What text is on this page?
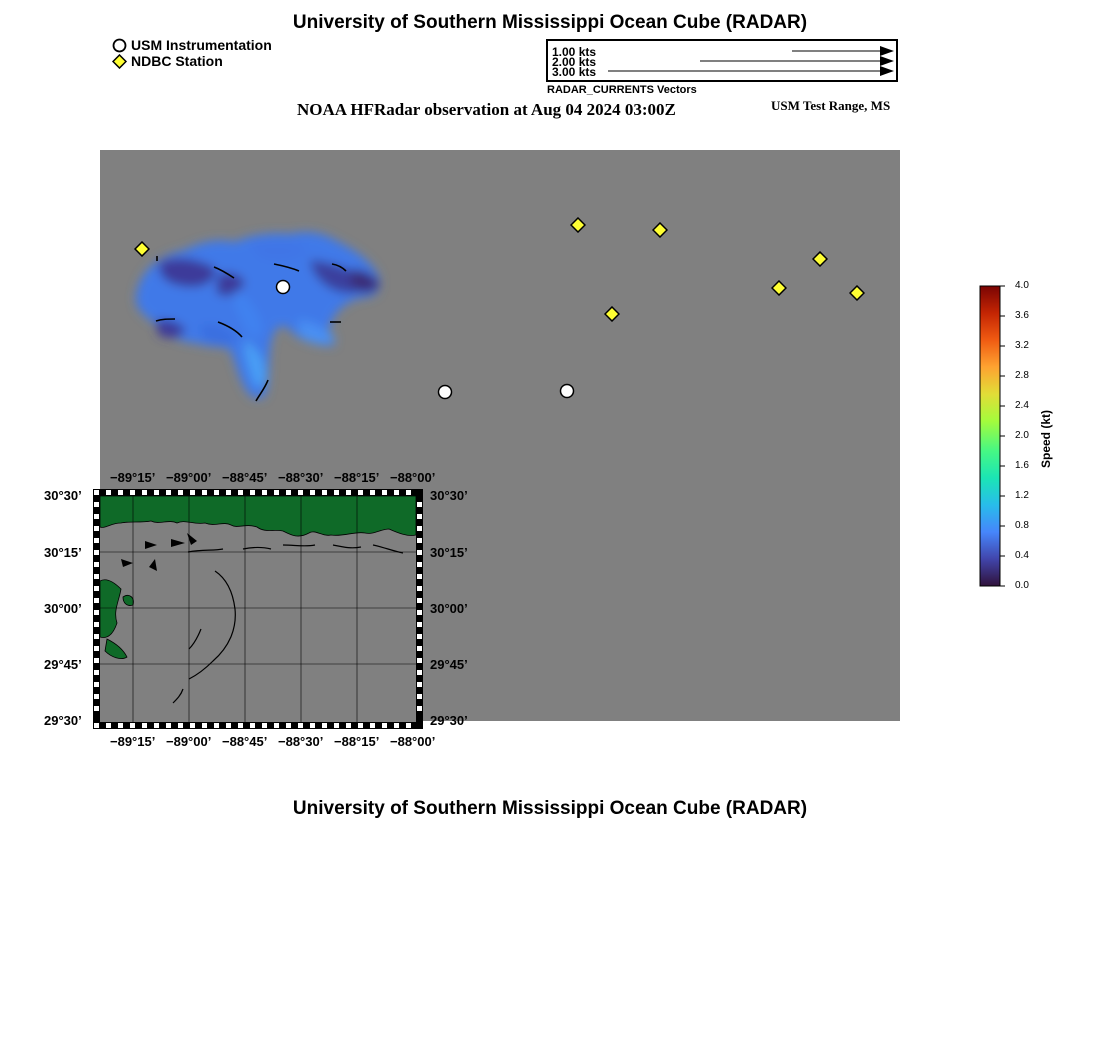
University of Southern Mississippi Ocean Cube (RADAR)
USM Instrumentation
NDBC Station
1.00 kts
2.00 kts
3.00 kts
RADAR_CURRENTS Vectors
NOAA HFRadar observation at Aug 04 2024 03:00Z	USM Test Range, MS
−89°15’ −89°00’ −88°45’ −88°30’ −88°15’ −88°00’
−89°15’ −89°00’ −88°45’ −88°30’ −88°15’ −88°00’
30°30’
30°15’
30°00’
29°45’
29°30’
30°30’
30°15’
30°00’
29°45’
29°30’
4.0
3.6
3.2
2.8
2.4
2.0
1.6
1.2
0.8
0.4
0.0
Speed (kt)
University of Southern Mississippi Ocean Cube (RADAR)
